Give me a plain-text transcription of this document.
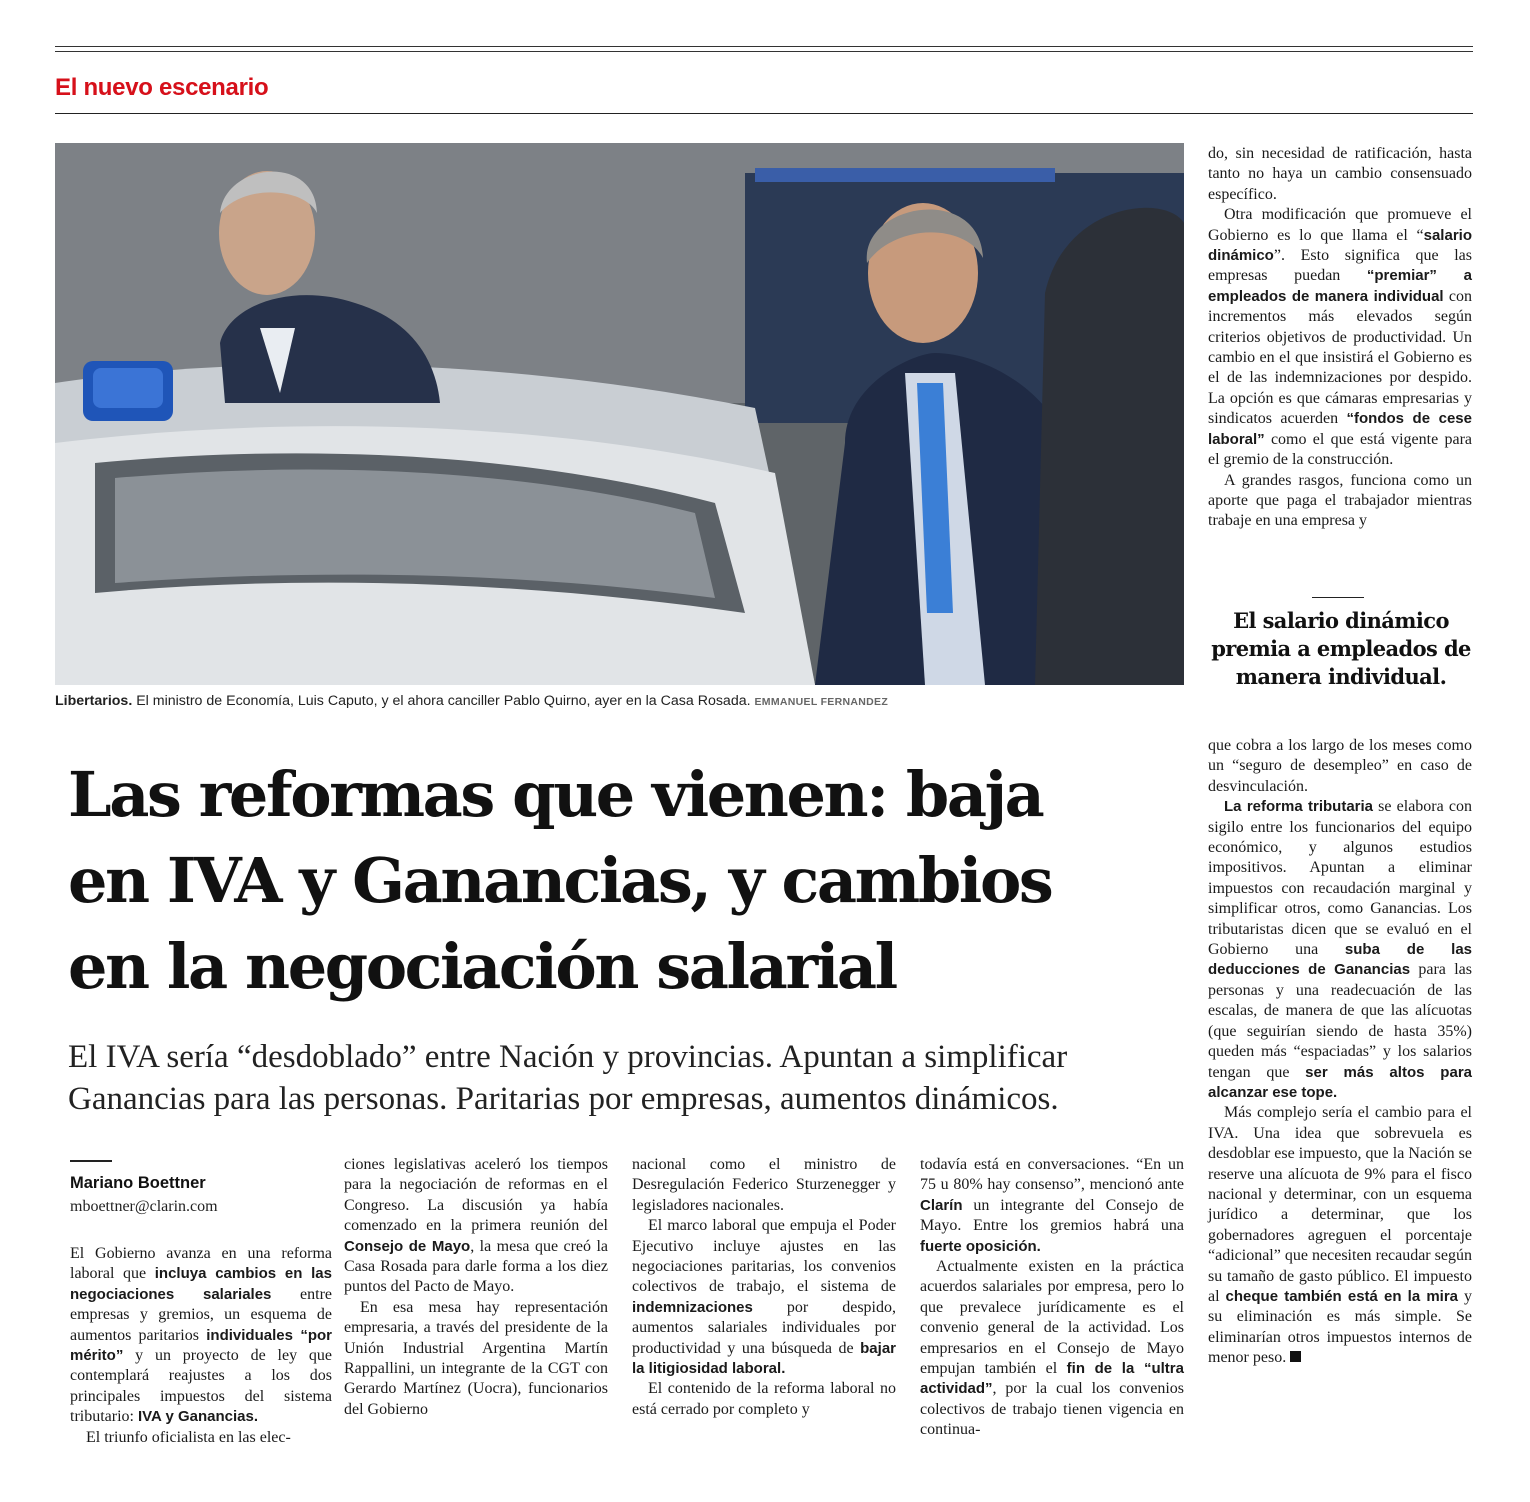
El nuevo escenario
Libertarios. El ministro de Economía, Luis Caputo, y el ahora canciller Pablo Quirno, ayer en la Casa Rosada. EMMANUEL FERNANDEZ
Las reformas que vienen: baja
en IVA y Ganancias, y cambios
en la negociación salarial
El IVA sería “desdoblado” entre Nación y provincias. Apuntan a simplificar
Ganancias para las personas. Paritarias por empresas, aumentos dinámicos.
Mariano Boettner
mboettner@clarin.com

El Gobierno avanza en una reforma laboral que incluya cambios en las negociaciones salariales entre empresas y gremios, un esquema de aumentos paritarios individuales “por mérito” y un proyecto de ley que contemplará reajustes a los dos principales impuestos del sistema tributario: IVA y Ganancias.

El triunfo oficialista en las elec-

ciones legislativas aceleró los tiempos para la negociación de reformas en el Congreso. La discusión ya había comenzado en la primera reunión del Consejo de Mayo, la mesa que creó la Casa Rosada para darle forma a los diez puntos del Pacto de Mayo.

En esa mesa hay representación empresaria, a través del presidente de la Unión Industrial Argentina Martín Rappallini, un integrante de la CGT con Gerardo Martínez (Uocra), funcionarios del Gobierno

nacional como el ministro de Desregulación Federico Sturzenegger y legisladores nacionales.

El marco laboral que empuja el Poder Ejecutivo incluye ajustes en las negociaciones paritarias, los convenios colectivos de trabajo, el sistema de indemnizaciones por despido, aumentos salariales individuales por productividad y una búsqueda de bajar la litigiosidad laboral.

El contenido de la reforma laboral no está cerrado por completo y

todavía está en conversaciones. “En un 75 u 80% hay consenso”, mencionó ante Clarín un integrante del Consejo de Mayo. Entre los gremios habrá una fuerte oposición.

Actualmente existen en la práctica acuerdos salariales por empresa, pero lo que prevalece jurídicamente es el convenio general de la actividad. Los empresarios en el Consejo de Mayo empujan también el fin de la “ultra actividad”, por la cual los convenios colectivos de trabajo tienen vigencia en continua-

do, sin necesidad de ratificación, hasta tanto no haya un cambio consensuado específico.

Otra modificación que promueve el Gobierno es lo que llama el “salario dinámico”. Esto significa que las empresas puedan “premiar” a empleados de manera individual con incrementos más elevados según criterios objetivos de productividad. Un cambio en el que insistirá el Gobierno es el de las indemnizaciones por despido. La opción es que cámaras empresarias y sindicatos acuerden “fondos de cese laboral” como el que está vigente para el gremio de la construcción.

A grandes rasgos, funciona como un aporte que paga el trabajador mientras trabaje en una empresa y

El salario dinámico
premia a empleados de
manera individual.

que cobra a los largo de los meses como un “seguro de desempleo” en caso de desvinculación.

La reforma tributaria se elabora con sigilo entre los funcionarios del equipo económico, y algunos estudios impositivos. Apuntan a eliminar impuestos con recaudación marginal y simplificar otros, como Ganancias. Los tributaristas dicen que se evaluó en el Gobierno una suba de las deducciones de Ganancias para las personas y una readecuación de las escalas, de manera de que las alícuotas (que seguirían siendo de hasta 35%) queden más “espaciadas” y los salarios tengan que ser más altos para alcanzar ese tope.

Más complejo sería el cambio para el IVA. Una idea que sobrevuela es desdoblar ese impuesto, que la Nación se reserve una alícuota de 9% para el fisco nacional y determinar, con un esquema jurídico a determinar, que los gobernadores agreguen el porcentaje “adicional” que necesiten recaudar según su tamaño de gasto público. El impuesto al cheque también está en la mira y su eliminación es más simple. Se eliminarían otros impuestos internos de menor peso.
